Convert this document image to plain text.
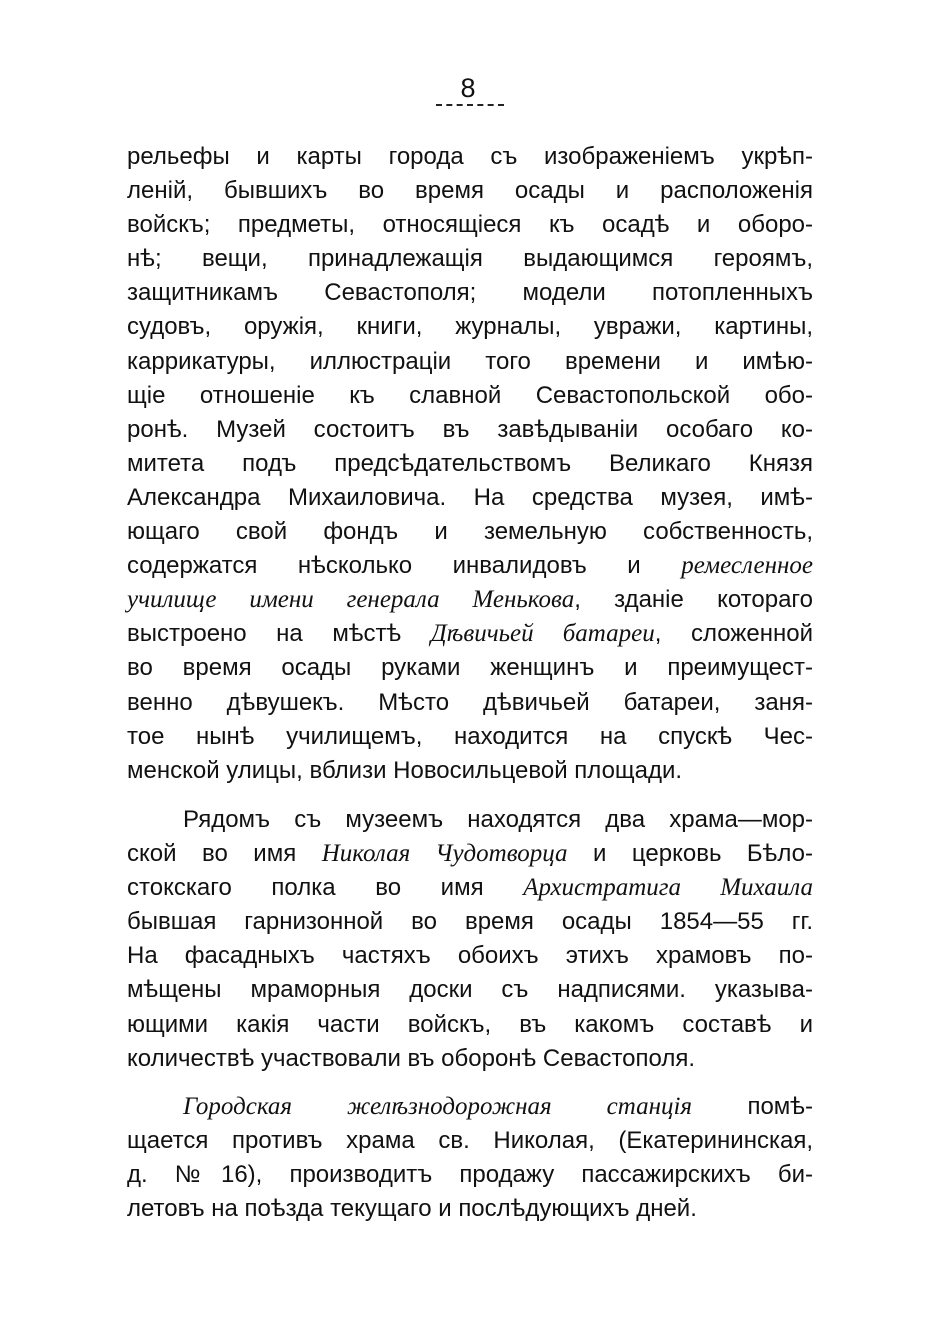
8
рельефы и карты города съ изображеніемъ укрѣп-
леній, бывшихъ во время осады и расположенія
войскъ; предметы, относящіеся къ осадѣ и оборо-
нѣ; вещи, принадлежащія выдающимся героямъ,
защитникамъ Севастополя; модели потопленныхъ
судовъ, оружія, книги, журналы, увражи, картины,
каррикатуры, иллюстраціи того времени и имѣю-
щіе отношеніе къ славной Севастопольской обо-
ронѣ. Музей состоитъ въ завѣдываніи особаго ко-
митета подъ предсѣдательствомъ Великаго Князя
Александра Михаиловича. На средства музея, имѣ-
ющаго свой фондъ и земельную собственность,
содержатся нѣсколько инвалидовъ и ремесленное
училище имени генерала Менькова, зданіе котораго
выстроено на мѣстѣ Дѣвичьей батареи, сложенной
во время осады руками женщинъ и преимущест-
венно дѣвушекъ. Мѣсто дѣвичьей батареи, заня-
тое нынѣ училищемъ, находится на спускѣ Чес-
менской улицы, вблизи Новосильцевой площади.
Рядомъ съ музеемъ находятся два храма—мор-
ской во имя Николая Чудотворца и церковь Бѣло-
стокскаго полка во имя Архистратига Михаила
бывшая гарнизонной во время осады 1854—55 гг.
На фасадныхъ частяхъ обоихъ этихъ храмовъ по-
мѣщены мраморныя доски съ надписями. указыва-
ющими какія части войскъ, въ какомъ составѣ и
количествѣ участвовали въ оборонѣ Севастополя.
Городская желѣзнодорожная станція помѣ-
щается противъ храма св. Николая, (Екатерининская,
д. №16), производитъ продажу пассажирскихъ би-
летовъ на поѣзда текущаго и послѣдующихъ дней.
